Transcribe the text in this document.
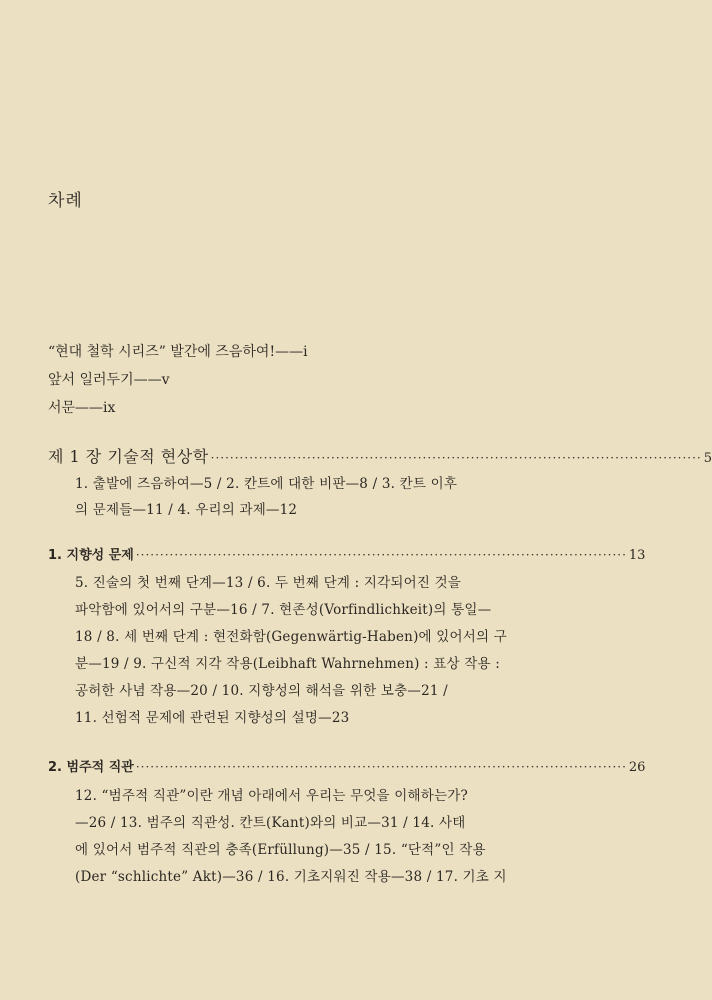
차례
“현대 철학 시리즈” 발간에 즈음하여!——i
앞서 일러두기——v
서문——ix
제 1 장 기술적 현상학 ······································································································ 5
1. 출발에 즈음하여—5 / 2. 칸트에 대한 비판—8 / 3. 칸트 이후
의 문제들—11 / 4. 우리의 과제—12
1. 지향성 문제 ······································································································ 13
5. 진술의 첫 번째 단계—13 / 6. 두 번째 단계 : 지각되어진 것을
파악함에 있어서의 구분—16 / 7. 현존성(Vorfindlichkeit)의 통일—
18 / 8. 세 번째 단계 : 현전화함(Gegenwärtig-Haben)에 있어서의 구
분—19 / 9. 구신적 지각 작용(Leibhaft Wahrnehmen) : 표상 작용 :
공허한 사념 작용—20 / 10. 지향성의 해석을 위한 보충—21 /
11. 선험적 문제에 관련된 지향성의 설명—23
2. 범주적 직관 ······································································································ 26
12. “범주적 직관”이란 개념 아래에서 우리는 무엇을 이해하는가?
—26 / 13. 범주의 직관성. 칸트(Kant)와의 비교—31 / 14. 사태
에 있어서 범주적 직관의 충족(Erfüllung)—35 / 15. “단적”인 작용
(Der “schlichte” Akt)—36 / 16. 기초지워진 작용—38 / 17. 기초 지
